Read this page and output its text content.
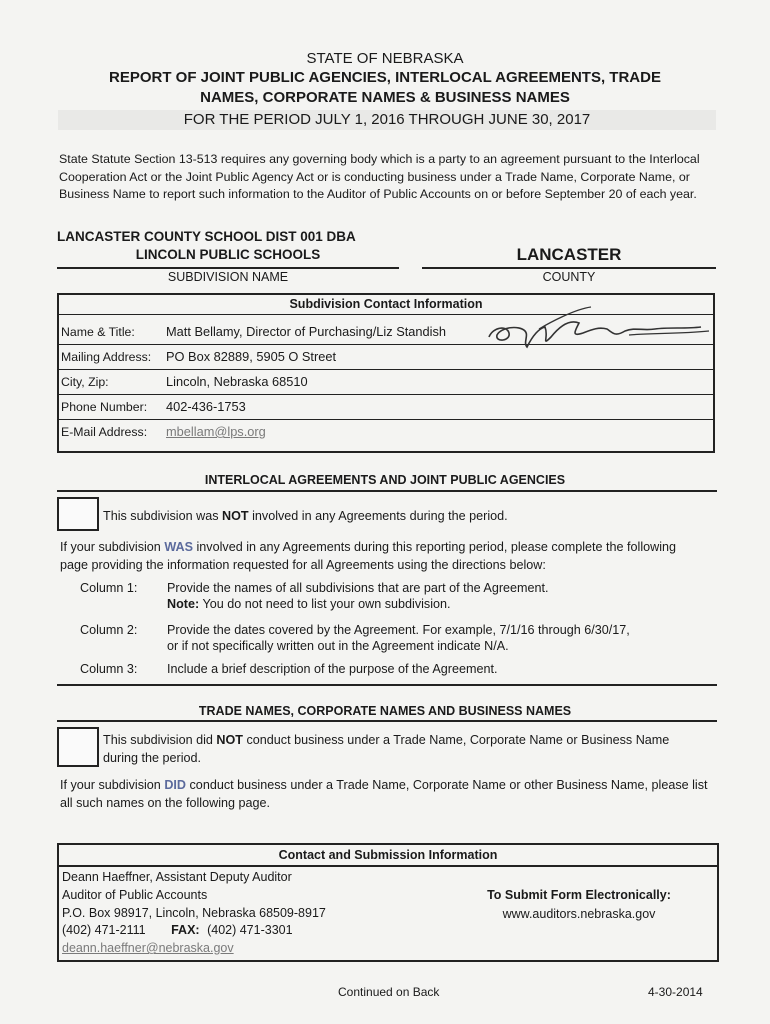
STATE OF NEBRASKA
REPORT OF JOINT PUBLIC AGENCIES, INTERLOCAL AGREEMENTS, TRADE
NAMES, CORPORATE NAMES & BUSINESS NAMES
FOR THE PERIOD JULY 1, 2016 THROUGH JUNE 30, 2017
State Statute Section 13-513 requires any governing body which is a party to an agreement pursuant to the Interlocal Cooperation Act or the Joint Public Agency Act or is conducting business under a Trade Name, Corporate Name, or Business Name to report such information to the Auditor of Public Accounts on or before September 20 of each year.
LANCASTER COUNTY SCHOOL DIST 001 DBA
LINCOLN PUBLIC SCHOOLS
SUBDIVISION NAME
LANCASTER
COUNTY
Subdivision Contact Information
Name & Title: Matt Bellamy, Director of Purchasing/Liz Standish
Mailing Address: PO Box 82889, 5905 O Street
City, Zip:	Lincoln, Nebraska 68510
Phone Number: 402-436-1753
E-Mail Address: mbellam@lps.org
INTERLOCAL AGREEMENTS AND JOINT PUBLIC AGENCIES
This subdivision was NOT involved in any Agreements during the period.
If your subdivision WAS involved in any Agreements during this reporting period, please complete the following page providing the information requested for all Agreements using the directions below:
Column 1:	Provide the names of all subdivisions that are part of the Agreement.
Note: You do not need to list your own subdivision.
Column 2:	Provide the dates covered by the Agreement. For example, 7/1/16 through 6/30/17, or if not specifically written out in the Agreement indicate N/A.
Column 3:	Include a brief description of the purpose of the Agreement.
TRADE NAMES, CORPORATE NAMES AND BUSINESS NAMES
This subdivision did NOT conduct business under a Trade Name, Corporate Name or Business Name during the period.
If your subdivision DID conduct business under a Trade Name, Corporate Name or other Business Name, please list all such names on the following page.
Contact and Submission Information
Deann Haeffner, Assistant Deputy Auditor
Auditor of Public Accounts
P.O. Box 98917, Lincoln, Nebraska 68509-8917
(402) 471-2111 FAX: (402) 471-3301
deann.haeffner@nebraska.gov
To Submit Form Electronically:
www.auditors.nebraska.gov
Continued on Back	4-30-2014
